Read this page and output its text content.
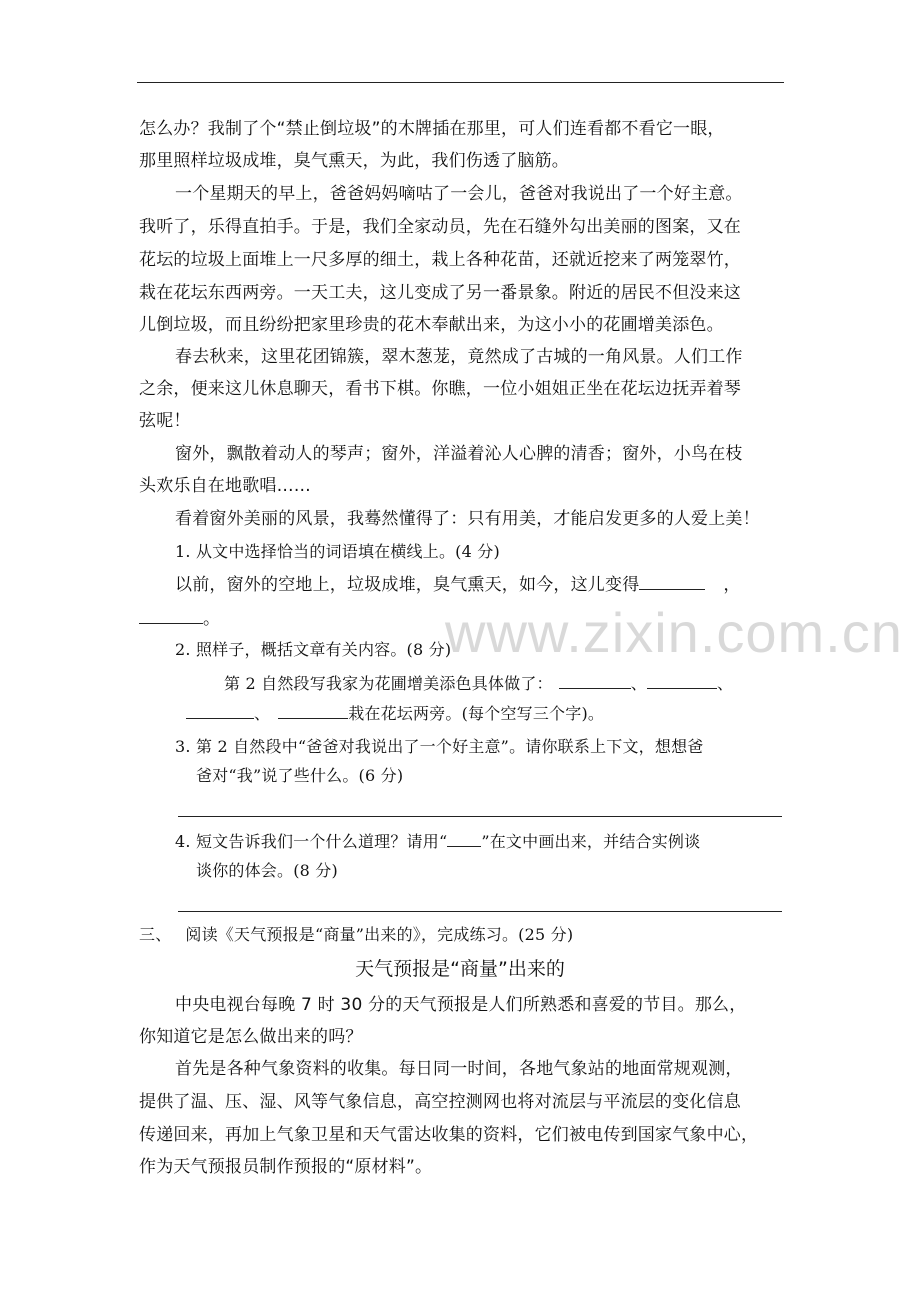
www.zixin.com.cn
怎么办？我制了个“禁止倒垃圾”的木牌插在那里，可人们连看都不看它一眼，
那里照样垃圾成堆，臭气熏天，为此，我们伤透了脑筋。
一个星期天的早上，爸爸妈妈嘀咕了一会儿，爸爸对我说出了一个好主意。
我听了，乐得直拍手。于是，我们全家动员，先在石缝外勾出美丽的图案，又在
花坛的垃圾上面堆上一尺多厚的细土，栽上各种花苗，还就近挖来了两笼翠竹，
栽在花坛东西两旁。一天工夫，这儿变成了另一番景象。附近的居民不但没来这
儿倒垃圾，而且纷纷把家里珍贵的花木奉献出来，为这小小的花圃增美添色。
春去秋来，这里花团锦簇，翠木葱茏，竟然成了古城的一角风景。人们工作
之余，便来这儿休息聊天，看书下棋。你瞧，一位小姐姐正坐在花坛边抚弄着琴
弦呢！
窗外，飘散着动人的琴声；窗外，洋溢着沁人心脾的清香；窗外，小鸟在枝
头欢乐自在地歌唱……
看着窗外美丽的风景，我蓦然懂得了：只有用美，才能启发更多的人爱上美！
1. 从文中选择恰当的词语填在横线上。(4 分)
以前，窗外的空地上，垃圾成堆，臭气熏天，如今，这儿变得	，
。
2. 照样子，概括文章有关内容。(8 分)
第 2 自然段写我家为花圃增美添色具体做了：	、	、
、	栽在花坛两旁。(每个空写三个字)。
3. 第 2 自然段中“爸爸对我说出了一个好主意”。请你联系上下文，想想爸
爸对“我”说了些什么。(6 分)
4. 短文告诉我们一个什么道理？请用“ ”在文中画出来，并结合实例谈
谈你的体会。(8 分)
三、 阅读《天气预报是“商量”出来的》，完成练习。(25 分)
天气预报是“商量”出来的
中央电视台每晚 7 时 30 分的天气预报是人们所熟悉和喜爱的节目。那么，
你知道它是怎么做出来的吗？
首先是各种气象资料的收集。每日同一时间，各地气象站的地面常规观测，
提供了温、压、湿、风等气象信息，高空控测网也将对流层与平流层的变化信息
传递回来，再加上气象卫星和天气雷达收集的资料，它们被电传到国家气象中心，
作为天气预报员制作预报的“原材料”。
